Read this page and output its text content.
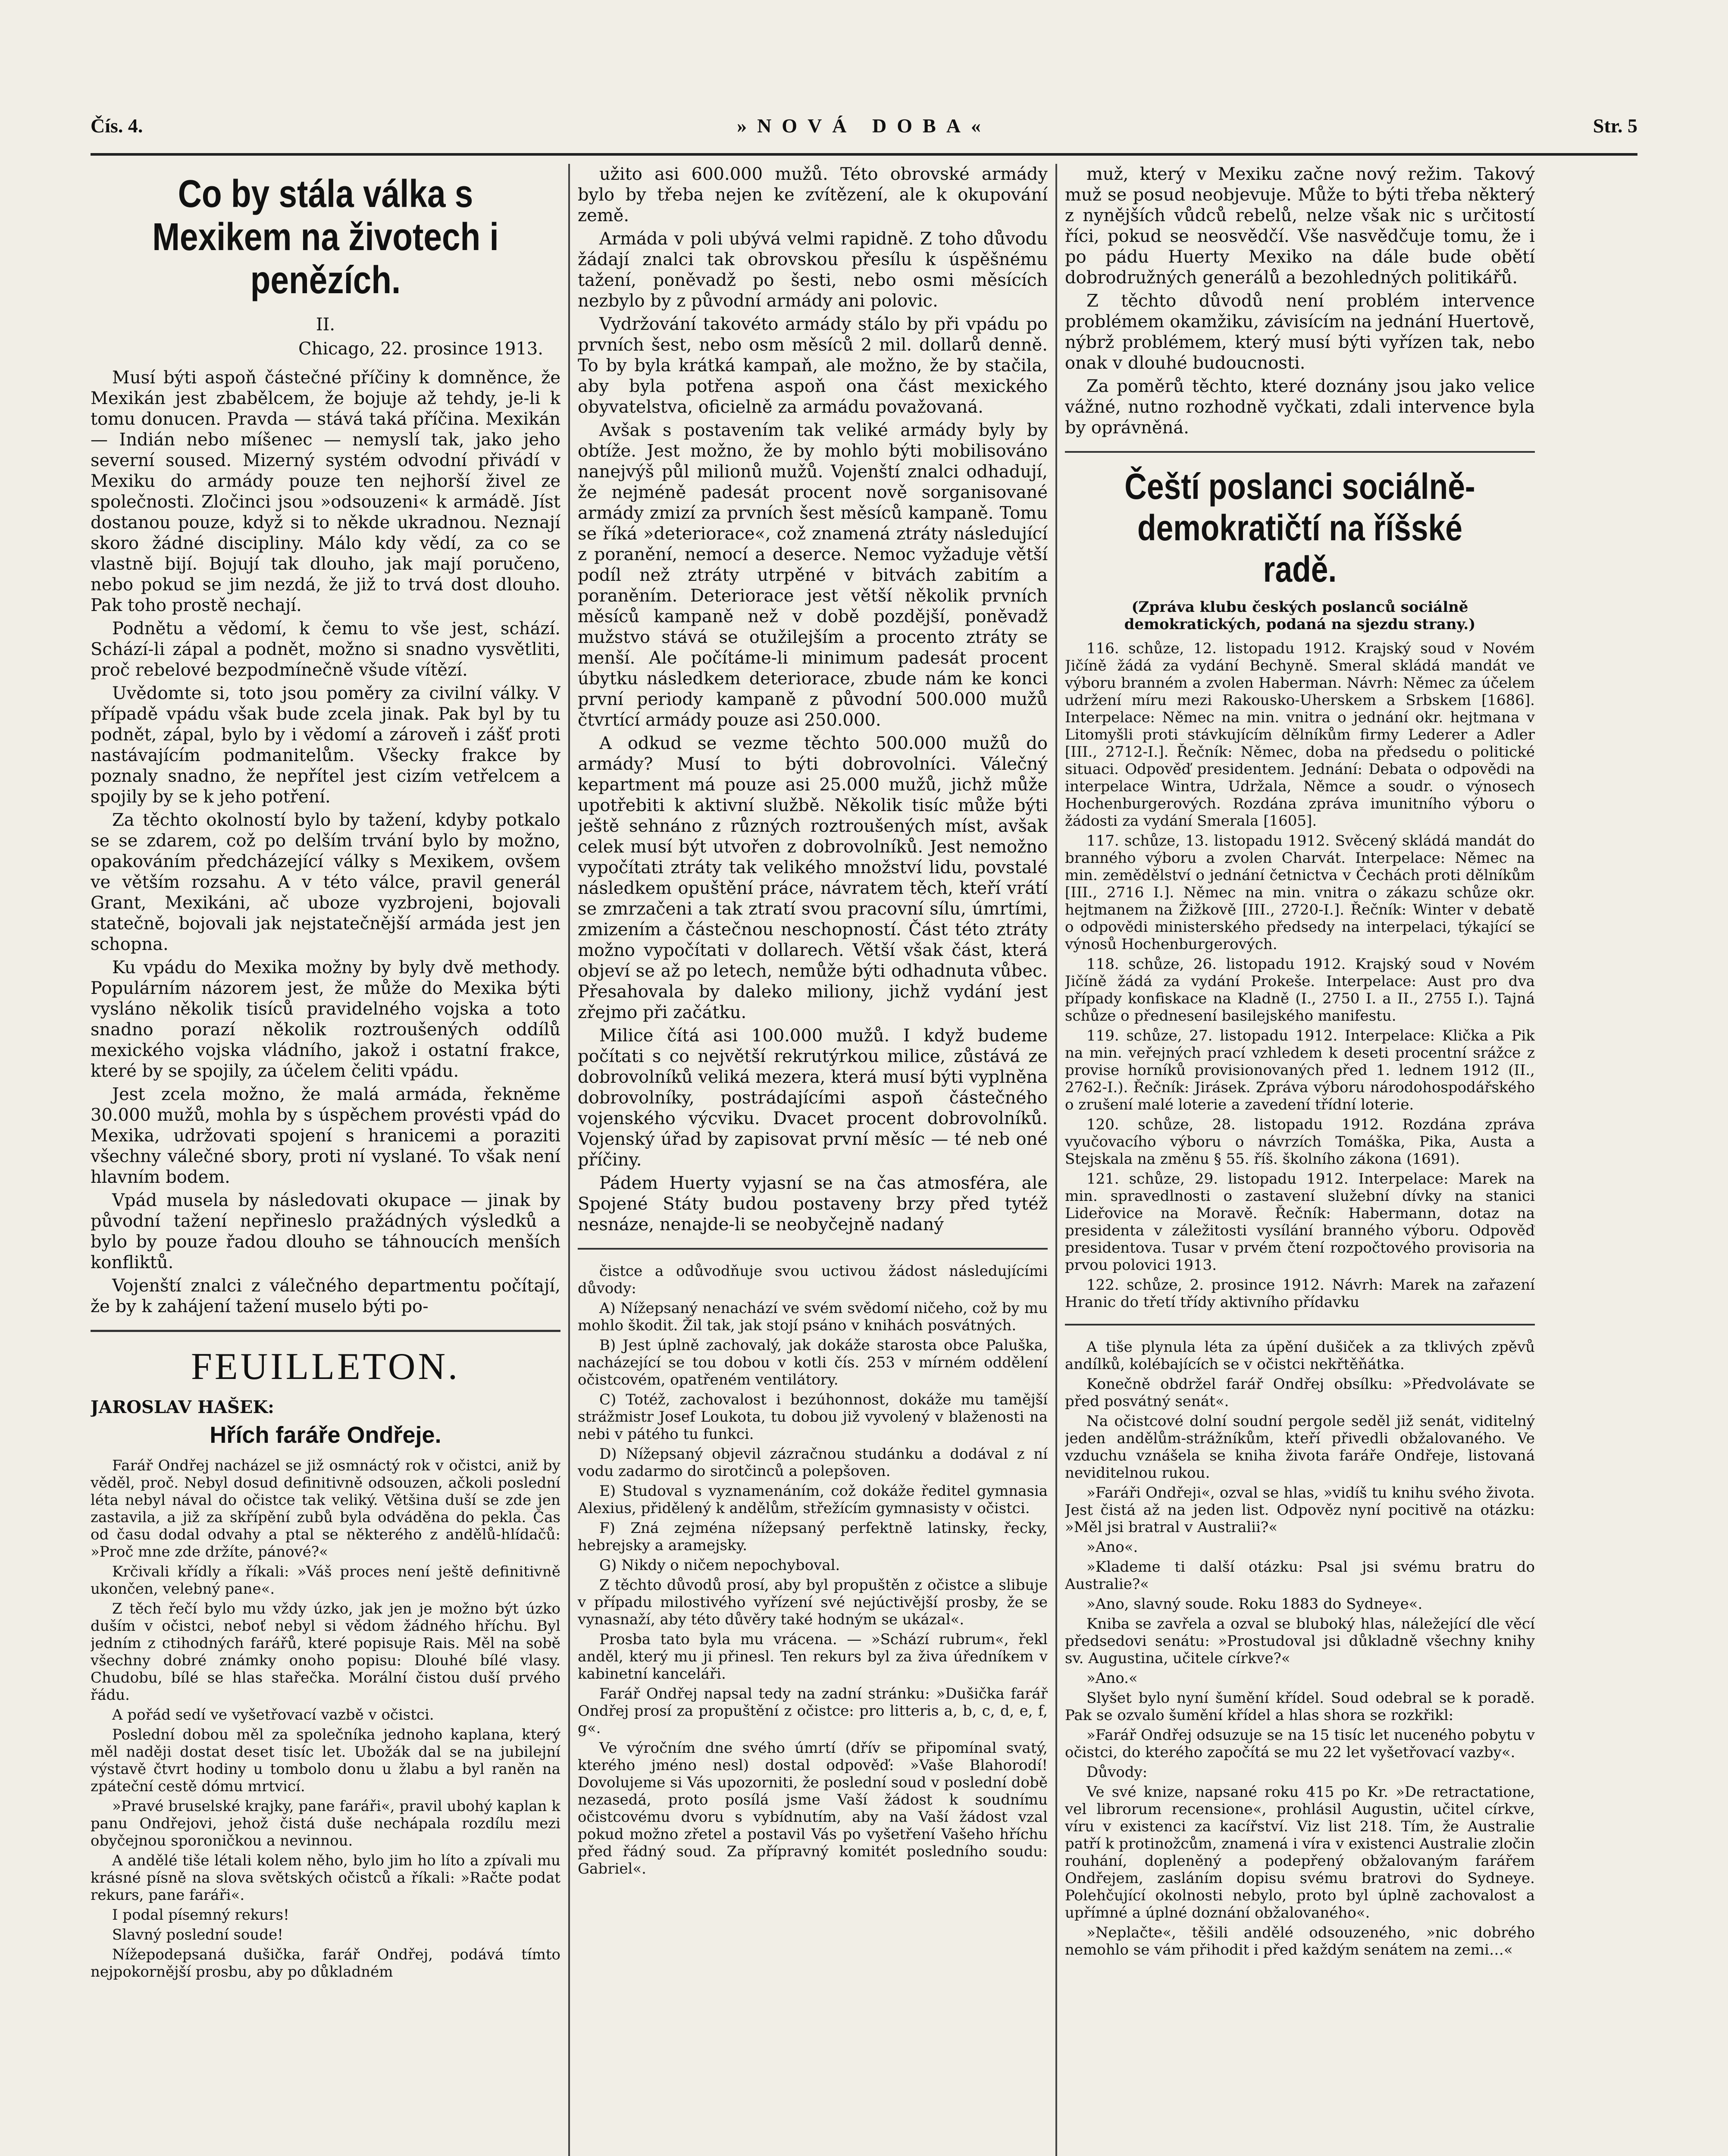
Čís. 4.	»NOVÁ DOBA«	Str. 5
Co by stála válka s Mexikem na životech i penězích.
II.
Chicago, 22. prosince 1913.

Musí býti aspoň částečné příčiny k domněnce, že Mexikán jest zbabělcem, že bojuje až tehdy, je-li k tomu donucen. Pravda — stává taká příčina. Mexikán — Indián nebo míšenec — nemyslí tak, jako jeho severní soused. Mizerný systém odvodní přivádí v Mexiku do armády pouze ten nejhorší živel ze společnosti. Zločinci jsou »odsouzeni« k armádě. Jíst dostanou pouze, když si to někde ukradnou. Neznají skoro žádné discipliny. Málo kdy vědí, za co se vlastně bijí. Bojují tak dlouho, jak mají poručeno, nebo pokud se jim nezdá, že již to trvá dost dlouho. Pak toho prostě nechají.

Podnětu a vědomí, k čemu to vše jest, schází. Schází-li zápal a podnět, možno si snadno vysvětliti, proč rebelové bezpodmínečně všude vítězí.

Uvědomte si, toto jsou poměry za civilní války. V případě vpádu však bude zcela jinak. Pak byl by tu podnět, zápal, bylo by i vědomí a zároveň i zášť proti nastávajícím podmanitelům. Všecky frakce by poznaly snadno, že nepřítel jest cizím vetřelcem a spojily by se k jeho potření.

Za těchto okolností bylo by tažení, kdyby potkalo se se zdarem, což po delším trvání bylo by možno, opakováním předcházející války s Mexikem, ovšem ve větším rozsahu. A v této válce, pravil generál Grant, Mexikáni, ač uboze vyzbrojeni, bojovali statečně, bojovali jak nejstatečnější armáda jest jen schopna.

Ku vpádu do Mexika možny by byly dvě methody. Populárním názorem jest, že může do Mexika býti vysláno několik tisíců pravidelného vojska a toto snadno porazí několik roztroušených oddílů mexického vojska vládního, jakož i ostatní frakce, které by se spojily, za účelem čeliti vpádu.

Jest zcela možno, že malá armáda, řekněme 30.000 mužů, mohla by s úspěchem provésti vpád do Mexika, udržovati spojení s hranicemi a poraziti všechny válečné sbory, proti ní vyslané. To však není hlavním bodem.

Vpád musela by následovati okupace — jinak by původní tažení nepřineslo pražádných výsledků a bylo by pouze řadou dlouho se táhnoucích menších konfliktů.

Vojenští znalci z válečného departmentu počítají, že by k zahájení tažení muselo býti po-

FEUILLETON.
JAROSLAV HAŠEK:
Hřích faráře Ondřeje.

Farář Ondřej nacházel se již osmnáctý rok v očistci, aniž by věděl, proč. Nebyl dosud definitivně odsouzen, ačkoli poslední léta nebyl nával do očistce tak veliký. Většina duší se zde jen zastavila, a již za skřípění zubů byla odváděna do pekla. Čas od času dodal odvahy a ptal se některého z andělů-hlídačů: »Proč mne zde držíte, pánové?«

Krčivali křídly a říkali: »Váš proces není ještě definitivně ukončen, velebný pane«.

Z těch řečí bylo mu vždy úzko, jak jen je možno být úzko duším v očistci, neboť nebyl si vědom žádného hříchu. Byl jedním z ctihodných farářů, které popisuje Rais. Měl na sobě všechny dobré známky onoho popisu: Dlouhé bílé vlasy. Chudobu, bílé se hlas stařečka. Morální čistou duší prvého řádu.

A pořád sedí ve vyšetřovací vazbě v očistci.

Poslední dobou měl za společníka jednoho kaplana, který měl naději dostat deset tisíc let. Ubožák dal se na jubilejní výstavě čtvrt hodiny u tombolo donu u žlabu a byl raněn na zpáteční cestě dómu mrtvicí.

»Pravé bruselské krajky, pane faráři«, pravil ubohý kaplan k panu Ondřejovi, jehož čistá duše nechápala rozdílu mezi obyčejnou sporoničkou a nevinnou.

A andělé tiše létali kolem něho, bylo jim ho líto a zpívali mu krásné písně na slova světských očistců a říkali: »Račte podat rekurs, pane faráři«.

I podal písemný rekurs!

Slavný poslední soude!

Nížepodepsaná dušička, farář Ondřej, podává tímto nejpokornější prosbu, aby po důkladném

užito asi 600.000 mužů. Této obrovské armády bylo by třeba nejen ke zvítězení, ale k okupování země.

Armáda v poli ubývá velmi rapidně. Z toho důvodu žádají znalci tak obrovskou přesílu k úspěšnému tažení, poněvadž po šesti, nebo osmi měsících nezbylo by z původní armády ani polovic.

Vydržování takovéto armády stálo by při vpádu po prvních šest, nebo osm měsíců 2 mil. dollarů denně. To by byla krátká kampaň, ale možno, že by stačila, aby byla potřena aspoň ona část mexického obyvatelstva, oficielně za armádu považovaná.

Avšak s postavením tak veliké armády byly by obtíže. Jest možno, že by mohlo býti mobilisováno nanejvýš půl milionů mužů. Vojenští znalci odhadují, že nejméně padesát procent nově sorganisované armády zmizí za prvních šest měsíců kampaně. Tomu se říká »deteriorace«, což znamená ztráty následující z poranění, nemocí a deserce. Nemoc vyžaduje větší podíl než ztráty utrpěné v bitvách zabitím a poraněním. Deteriorace jest větší několik prvních měsíců kampaně než v době pozdější, poněvadž mužstvo stává se otužilejším a procento ztráty se menší. Ale počítáme-li minimum padesát procent úbytku následkem deteriorace, zbude nám ke konci první periody kampaně z původní 500.000 mužů čtvrtící armády pouze asi 250.000.

A odkud se vezme těchto 500.000 mužů do armády? Musí to býti dobrovolníci. Válečný kepartment má pouze asi 25.000 mužů, jichž může upotřebiti k aktivní službě. Několik tisíc může býti ještě sehnáno z různých roztroušených míst, avšak celek musí být utvořen z dobrovolníků. Jest nemožno vypočítati ztráty tak velikého množství lidu, povstalé následkem opuštění práce, návratem těch, kteří vrátí se zmrzačeni a tak ztratí svou pracovní sílu, úmrtími, zmizením a částečnou neschopností. Část této ztráty možno vypočítati v dollarech. Větší však část, která objeví se až po letech, nemůže býti odhadnuta vůbec. Přesahovala by daleko miliony, jichž vydání jest zřejmo při začátku.

Milice čítá asi 100.000 mužů. I když budeme počítati s co největší rekrutýrkou milice, zůstává ze dobrovolníků veliká mezera, která musí býti vyplněna dobrovolníky, postrádajícími aspoň částečného vojenského výcviku. Dvacet procent dobrovolníků. Vojenský úřad by zapisovat první měsíc — té neb oné příčiny.

Pádem Huerty vyjasní se na čas atmosféra, ale Spojené Státy budou postaveny brzy před tytéž nesnáze, nenajde-li se neobyčejně nadaný

čistce a odůvodňuje svou uctivou žádost následujícími důvody:

A) Nížepsaný nenachází ve svém svědomí ničeho, což by mu mohlo škodit. Žil tak, jak stojí psáno v knihách posvátných.

B) Jest úplně zachovalý, jak dokáže starosta obce Paluška, nacházející se tou dobou v kotli čís. 253 v mírném oddělení očistcovém, opatřeném ventilátory.

C) Totéž, zachovalost i bezúhonnost, dokáže mu tamější strážmistr Josef Loukota, tu dobou již vyvolený v blaženosti na nebi v pátého tu funkci.

D) Nížepsaný objevil zázračnou studánku a dodával z ní vodu zadarmo do sirotčinců a polepšoven.

E) Studoval s vyznamenáním, což dokáže ředitel gymnasia Alexius, přidělený k andělům, střežícím gymnasisty v očistci.

F) Zná zejména nížepsaný perfektně latinsky, řecky, hebrejsky a aramejsky.

G) Nikdy o ničem nepochyboval.

Z těchto důvodů prosí, aby byl propuštěn z očistce a slibuje v případu milostivého vyřízení své nejúctivější prosby, že se vynasnaží, aby této důvěry také hodným se ukázal«.

Prosba tato byla mu vrácena. — »Schází rubrum«, řekl anděl, který mu ji přinesl. Ten rekurs byl za živa úředníkem v kabinetní kanceláři.

Farář Ondřej napsal tedy na zadní stránku: »Dušička farář Ondřej prosí za propuštění z očistce: pro litteris a, b, c, d, e, f, g«.

Ve výročním dne svého úmrtí (dřív se připomínal svatý, kterého jméno nesl) dostal odpověď: »Vaše Blahorodí! Dovolujeme si Vás upozorniti, že poslední soud v poslední době nezasedá, proto posílá jsme Vaší žádost k soudnímu očistcovému dvoru s vybídnutím, aby na Vaší žádost vzal pokud možno zřetel a postavil Vás po vyšetření Vašeho hříchu před řádný soud. Za přípravný komitét posledního soudu: Gabriel«.

muž, který v Mexiku začne nový režim. Takový muž se posud neobjevuje. Může to býti třeba některý z nynějších vůdců rebelů, nelze však nic s určitostí říci, pokud se neosvědčí. Vše nasvědčuje tomu, že i po pádu Huerty Mexiko na dále bude obětí dobrodružných generálů a bezohledných politikářů.

Z těchto důvodů není problém intervence problémem okamžiku, závisícím na jednání Huertově, nýbrž problémem, který musí býti vyřízen tak, nebo onak v dlouhé budoucnosti.

Za poměrů těchto, které doznány jsou jako velice vážné, nutno rozhodně vyčkati, zdali intervence byla by oprávněná.

Čeští poslanci sociálně-demokratičtí na říšské radě.
(Zpráva klubu českých poslanců sociálně demokratických, podaná na sjezdu strany.)

116. schůze, 12. listopadu 1912. Krajský soud v Novém Jičíně žádá za vydání Bechyně. Smeral skládá mandát ve výboru branném a zvolen Haberman. Návrh: Němec za účelem udržení míru mezi Rakousko-Uherskem a Srbskem [1686]. Interpelace: Němec na min. vnitra o jednání okr. hejtmana v Litomyšli proti stávkujícím dělníkům firmy Lederer a Adler [III., 2712-I.]. Řečník: Němec, doba na předsedu o politické situaci. Odpověď presidentem. Jednání: Debata o odpovědi na interpelace Wintra, Udržala, Němce a soudr. o výnosech Hochenburgerových. Rozdána zpráva imunitního výboru o žádosti za vydání Smerala [1605].

117. schůze, 13. listopadu 1912. Svěcený skládá mandát do branného výboru a zvolen Charvát. Interpelace: Němec na min. zemědělství o jednání četnictva v Čechách proti dělníkům [III., 2716 I.]. Němec na min. vnitra o zákazu schůze okr. hejtmanem na Žižkově [III., 2720-I.]. Řečník: Winter v debatě o odpovědi ministerského předsedy na interpelaci, týkající se výnosů Hochenburgerových.

118. schůze, 26. listopadu 1912. Krajský soud v Novém Jičíně žádá za vydání Prokeše. Interpelace: Aust pro dva případy konfiskace na Kladně (I., 2750 I. a II., 2755 I.). Tajná schůze o přednesení basilejského manifestu.

119. schůze, 27. listopadu 1912. Interpelace: Klička a Pik na min. veřejných prací vzhledem k deseti procentní srážce z provise horníků provisionovaných před 1. lednem 1912 (II., 2762-I.). Řečník: Jirásek. Zpráva výboru národohospodářského o zrušení malé loterie a zavedení třídní loterie.

120. schůze, 28. listopadu 1912. Rozdána zpráva vyučovacího výboru o návrzích Tomáška, Pika, Austa a Stejskala na změnu § 55. říš. školního zákona (1691).

121. schůze, 29. listopadu 1912. Interpelace: Marek na min. spravedlnosti o zastavení služební dívky na stanici Lideřovice na Moravě. Řečník: Habermann, dotaz na presidenta v záležitosti vysílání branného výboru. Odpověď presidentova. Tusar v prvém čtení rozpočtového provisoria na prvou polovici 1913.

122. schůze, 2. prosince 1912. Návrh: Marek na zařazení Hranic do třetí třídy aktivního přídavku

A tiše plynula léta za úpění dušiček a za tklivých zpěvů andílků, kolébajících se v očistci nekřtěňátka.

Konečně obdržel farář Ondřej obsílku: »Předvolávate se před posvátný senát«.

Na očistcové dolní soudní pergole seděl již senát, viditelný jeden andělům-strážníkům, kteří přivedli obžalovaného. Ve vzduchu vznášela se kniha života faráře Ondřeje, listovaná neviditelnou rukou.

»Faráři Ondřeji«, ozval se hlas, »vidíš tu knihu svého života. Jest čistá až na jeden list. Odpověz nyní pocitivě na otázku: »Měl jsi bratral v Australii?«

»Ano«.

»Klademe ti další otázku: Psal jsi svému bratru do Australie?«

»Ano, slavný soude. Roku 1883 do Sydneye«.

Kniba se zavřela a ozval se bluboký hlas, náležející dle věcí předsedovi senátu: »Prostudoval jsi důkladně všechny knihy sv. Augustina, učitele církve?«

»Ano.«

Slyšet bylo nyní šumění křídel. Soud odebral se k poradě. Pak se ozvalo šumění křídel a hlas shora se rozkřikl:

»Farář Ondřej odsuzuje se na 15 tisíc let nuceného pobytu v očistci, do kterého započítá se mu 22 let vyšetřovací vazby«.

Důvody:

Ve své knize, napsané roku 415 po Kr. »De retractatione, vel librorum recensione«, prohlásil Augustin, učitel církve, víru v existenci za kacířství. Viz list 218. Tím, že Australie patří k protinožcům, znamená i víra v existenci Australie zločin rouhání, dopleněný a podepřený obžalovaným farářem Ondřejem, zasláním dopisu svému bratrovi do Sydneye. Polehčující okolnosti nebylo, proto byl úplně zachovalost a upřímné a úplné doznání obžalovaného«.

»Neplačte«, těšili andělé odsouzeného, »nic dobrého nemohlo se vám přihodit i před každým senátem na zemi…«
